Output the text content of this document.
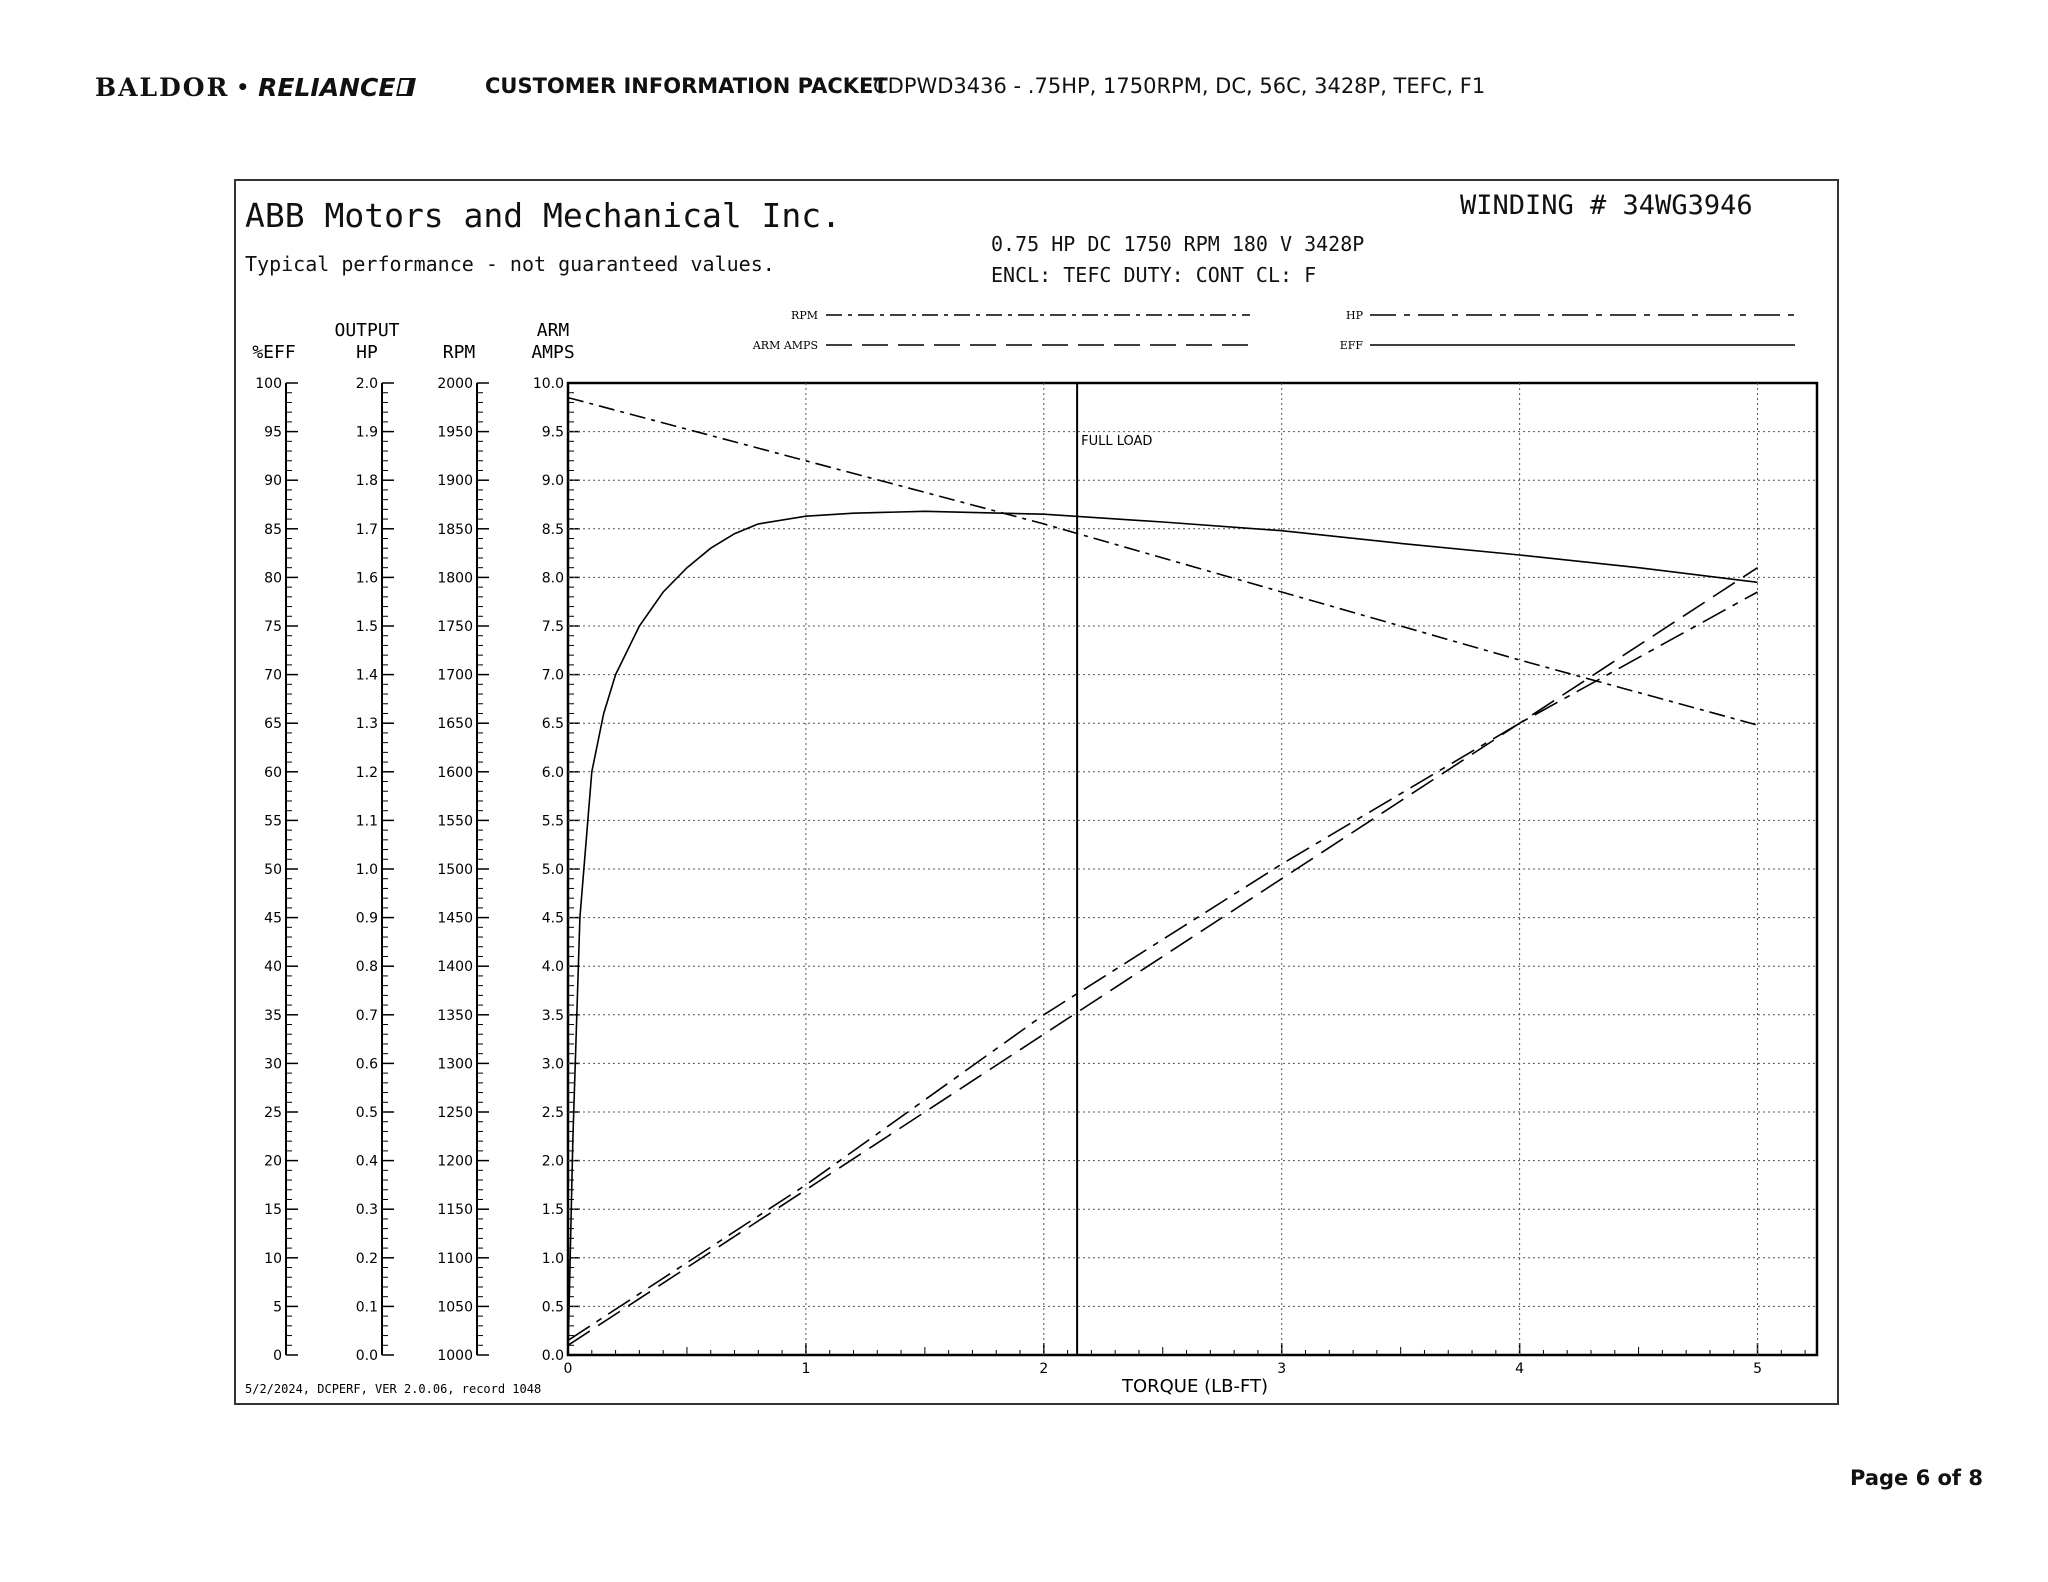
BALDOR • RELIANCE	CUSTOMER INFORMATION PACKET
CDPWD3436 - .75HP, 1750RPM, DC, 56C, 3428P, TEFC, F1
ABB Motors and Mechanical Inc.
Typical performance - not guaranteed values.
WINDING # 34WG3946
0.75 HP DC 1750 RPM 180 V 3428P
ENCL: TEFC DUTY: CONT CL: F
RPM
ARM AMPS
HP
EFF
0	1	2	3	4	5
%EFF
0
5
10
15
20
25
30
35
40
45
50
55
60
65
70
75
80
85
90
95
100
OUTPUT
HP
0.0
0.1
0.2
0.3
0.4
0.5
0.6
0.7
0.8
0.9
1.0
1.1
1.2
1.3
1.4
1.5
1.6
1.7
1.8
1.9
2.0
RPM
1000
1050
1100
1150
1200
1250
1300
1350
1400
1450
1500
1550
1600
1650
1700
1750
1800
1850
1900
1950
2000
ARM
AMPS
0.0
0.5
1.0
1.5
2.0
2.5
3.0
3.5
4.0
4.5
5.0
5.5
6.0
6.5
7.0
7.5
8.0
8.5
9.0
9.5
10.0
FULL LOAD
TORQUE (LB-FT)
5/2/2024, DCPERF, VER 2.0.06, record 1048
Page 6 of 8
